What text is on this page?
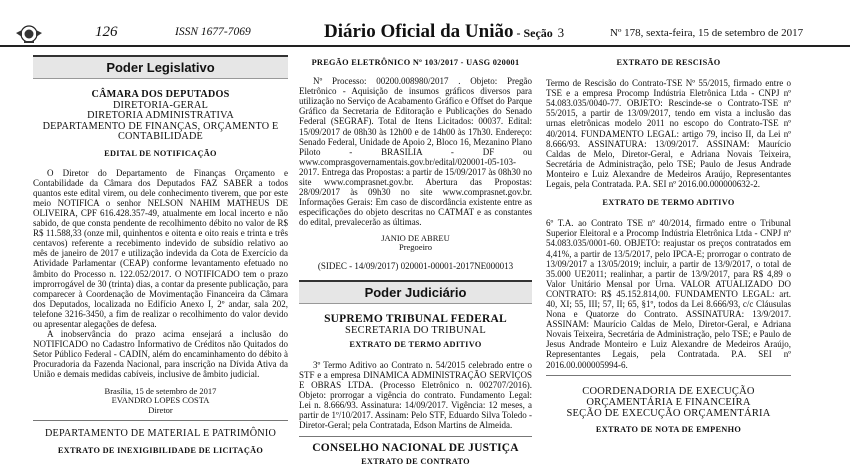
126	ISSN 1677-7069	Diário Oficial da União - Seção 3	Nº 178, sexta-feira, 15 de setembro de 2017
Poder Legislativo
CÂMARA DOS DEPUTADOS
DIRETORIA-GERAL
DIRETORIA ADMINISTRATIVA
DEPARTAMENTO DE FINANÇAS, ORÇAMENTO E CONTABILIDADE
EDITAL DE NOTIFICAÇÃO

O Diretor do Departamento de Finanças Orçamento e Contabilidade da Câmara dos Deputados FAZ SABER a todos quantos este edital virem, ou dele conhecimento tiverem, que por este meio NOTIFICA o senhor NELSON NAHIM MATHEUS DE OLIVEIRA, CPF 616.428.357-49, atualmente em local incerto e não sabido, de que consta pendente de recolhimento débito no valor de R$ R$ 11.588,33 (onze mil, quinhentos e oitenta e oito reais e trinta e três centavos) referente a recebimento indevido de subsídio relativo ao mês de janeiro de 2017 e utilização indevida da Cota de Exercício da Atividade Parlamentar (CEAP) conforme levantamento efetuado no âmbito do Processo n. 122.052/2017. O NOTIFICADO tem o prazo improrrogável de 30 (trinta) dias, a contar da presente publicação, para comparecer à Coordenação de Movimentação Financeira da Câmara dos Deputados, localizada no Edifício Anexo I, 2º andar, sala 202, telefone 3216-3450, a fim de realizar o recolhimento do valor devido ou apresentar alegações de defesa.

A inobservância do prazo acima ensejará a inclusão do NOTIFICADO no Cadastro Informativo de Créditos não Quitados do Setor Público Federal - CADIN, além do encaminhamento do débito à Procuradoria da Fazenda Nacional, para inscrição na Dívida Ativa da União e demais medidas cabíveis, inclusive de âmbito judicial.

Brasília, 15 de setembro de 2017
EVANDRO LOPES COSTA
Diretor
DEPARTAMENTO DE MATERIAL E PATRIMÔNIO
EXTRATO DE INEXIGIBILIDADE DE LICITAÇÃO
PREGÃO ELETRÔNICO Nº 103/2017 - UASG 020001

Nº Processo: 00200.008980/2017 . Objeto: Pregão Eletrônico - Aquisição de insumos gráficos diversos para utilização no Serviço de Acabamento Gráfico e Offset do Parque Gráfico da Secretaria de Editoração e Publicações do Senado Federal (SEGRAF). Total de Itens Licitados: 00037. Edital: 15/09/2017 de 08h30 às 12h00 e de 14h00 às 17h30. Endereço: Senado Federal, Unidade de Apoio 2, Bloco 16, Mezanino Plano Piloto - BRASILIA - DF ou www.comprasgovernamentais.gov.br/edital/020001-05-103-2017. Entrega das Propostas: a partir de 15/09/2017 às 08h30 no site www.comprasnet.gov.br. Abertura das Propostas: 28/09/2017 às 09h30 no site www.comprasnet.gov.br. Informações Gerais: Em caso de discordância existente entre as especificações do objeto descritas no CATMAT e as constantes do edital, prevalecerão as últimas.

JANIO DE ABREU
Pregoeiro
(SIDEC - 14/09/2017) 020001-00001-2017NE000013
Poder Judiciário
SUPREMO TRIBUNAL FEDERAL
SECRETARIA DO TRIBUNAL
EXTRATO DE TERMO ADITIVO

3º Termo Aditivo ao Contrato n. 54/2015 celebrado entre o STF e a empresa DINAMICA ADMINISTRAÇÃO SERVIÇOS E OBRAS LTDA. (Processo Eletrônico n. 002707/2016). Objeto: prorrogar a vigência do contrato. Fundamento Legal: Lei n. 8.666/93. Assinatura: 14/09/2017. Vigência: 12 meses, a partir de 1º/10/2017. Assinam: Pelo STF, Eduardo Silva Toledo - Diretor-Geral; pela Contratada, Edson Martins de Almeida.

CONSELHO NACIONAL DE JUSTIÇA
EXTRATO DE CONTRATO
EXTRATO DE RESCISÃO

Termo de Rescisão do Contrato-TSE Nº 55/2015, firmado entre o TSE e a empresa Procomp Indústria Eletrônica Ltda - CNPJ nº 54.083.035/0040-77. OBJETO: Rescinde-se o Contrato-TSE nº 55/2015, a partir de 13/09/2017, tendo em vista a inclusão das urnas eletrônicas modelo 2011 no escopo do Contrato-TSE nº 40/2014. FUNDAMENTO LEGAL: artigo 79, inciso II, da Lei nº 8.666/93. ASSINATURA: 13/09/2017. ASSINAM: Maurício Caldas de Melo, Diretor-Geral, e Adriana Novais Teixeira, Secretária de Administração, pelo TSE; Paulo de Jesus Andrade Monteiro e Luiz Alexandre de Medeiros Araújo, Representantes Legais, pela Contratada. P.A. SEI nº 2016.00.000000632-2.

EXTRATO DE TERMO ADITIVO

6º T.A. ao Contrato TSE nº 40/2014, firmado entre o Tribunal Superior Eleitoral e a Procomp Indústria Eletrônica Ltda - CNPJ nº 54.083.035/0001-60. OBJETO: reajustar os preços contratados em 4,41%, a partir de 13/5/2017, pelo IPCA-E; prorrogar o contrato de 13/09/2017 a 13/05/2019; incluir, a partir de 13/9/2017, o total de 35.000 UE2011; realinhar, a partir de 13/9/2017, para R$ 4,89 o Valor Unitário Mensal por Urna. VALOR ATUALIZADO DO CONTRATO: R$ 45.152.814,00. FUNDAMENTO LEGAL: art. 40, XI; 55, III; 57, II; 65, §1º, todos da Lei 8.666/93, c/c Cláusulas Nona e Quatorze do Contrato. ASSINATURA: 13/9/2017. ASSINAM: Maurício Caldas de Melo, Diretor-Geral, e Adriana Novais Teixeira, Secretária de Administração, pelo TSE; e Paulo de Jesus Andrade Monteiro e Luiz Alexandre de Medeiros Araújo, Representantes Legais, pela Contratada. P.A. SEI nº 2016.00.000005994-6.

COORDENADORIA DE EXECUÇÃO
ORÇAMENTÁRIA E FINANCEIRA
SEÇÃO DE EXECUÇÃO ORÇAMENTÁRIA
EXTRATO DE NOTA DE EMPENHO
